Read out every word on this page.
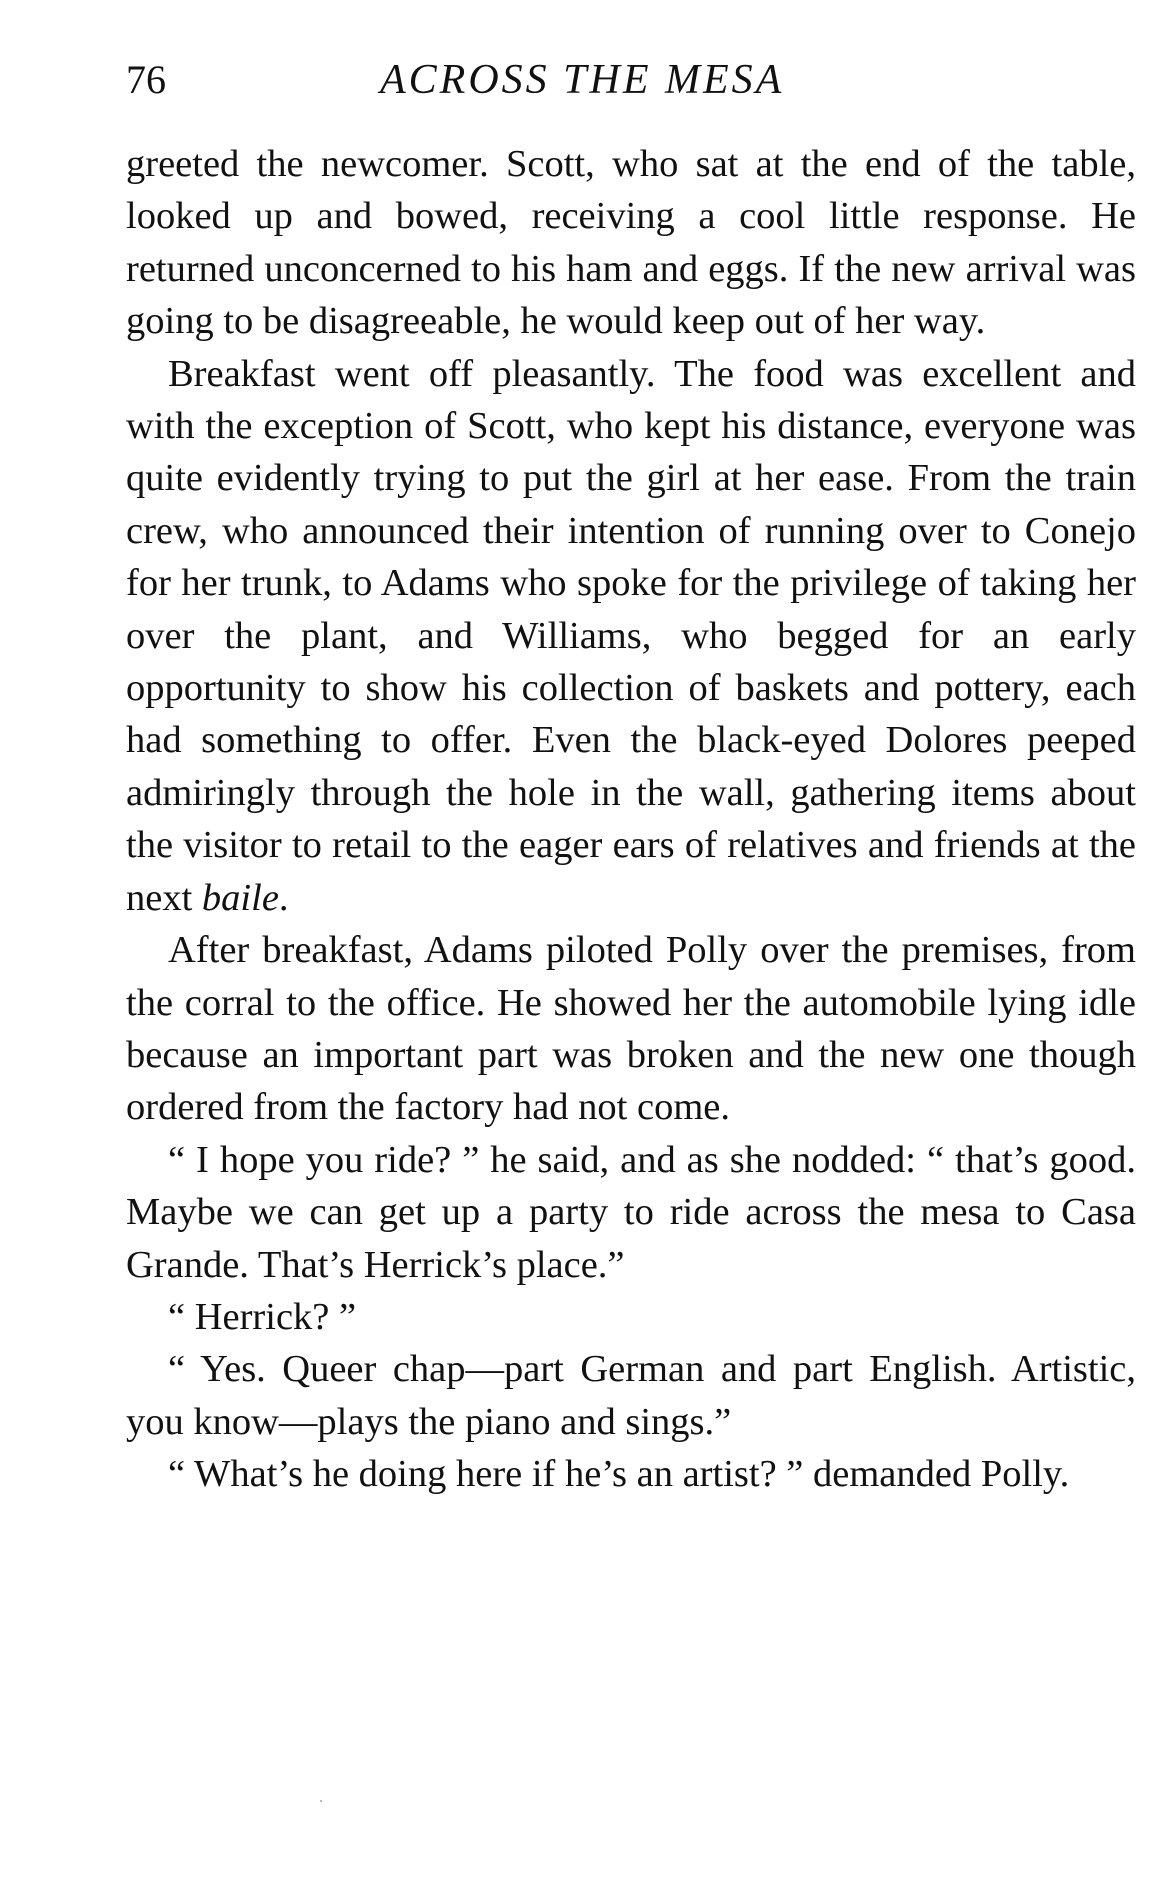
76	ACROSS THE MESA

greeted the newcomer. Scott, who sat at the end of the table, looked up and bowed, receiving a cool little response. He returned unconcerned to his ham and eggs. If the new arrival was going to be disagreeable, he would keep out of her way.

Breakfast went off pleasantly. The food was excellent and with the exception of Scott, who kept his distance, everyone was quite evidently trying to put the girl at her ease. From the train crew, who announced their intention of running over to Conejo for her trunk, to Adams who spoke for the privilege of taking her over the plant, and Williams, who begged for an early opportunity to show his collection of baskets and pottery, each had something to offer. Even the black-eyed Dolores peeped admiringly through the hole in the wall, gathering items about the visitor to retail to the eager ears of relatives and friends at the next baile.

After breakfast, Adams piloted Polly over the premises, from the corral to the office. He showed her the automobile lying idle because an important part was broken and the new one though ordered from the factory had not come.

“ I hope you ride? ” he said, and as she nodded: “ that’s good. Maybe we can get up a party to ride across the mesa to Casa Grande. That’s Herrick’s place.”

“ Herrick? ”

“ Yes. Queer chap—part German and part English. Artistic, you know—plays the piano and sings.”

“ What’s he doing here if he’s an artist? ” demanded Polly.
